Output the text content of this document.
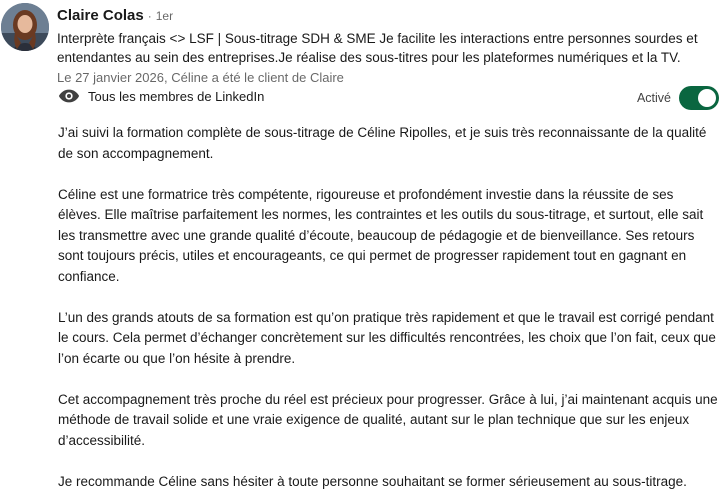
Claire Colas · 1er
Interprète français <> LSF | Sous-titrage SDH & SME Je facilite les interactions entre personnes sourdes et entendantes au sein des entreprises.Je réalise des sous-titres pour les plateformes numériques et la TV.
Le 27 janvier 2026, Céline a été le client de Claire
Tous les membres de LinkedIn	Activé

J’ai suivi la formation complète de sous-titrage de Céline Ripolles, et je suis très reconnaissante de la qualité de son accompagnement.

Céline est une formatrice très compétente, rigoureuse et profondément investie dans la réussite de ses élèves. Elle maîtrise parfaitement les normes, les contraintes et les outils du sous-titrage, et surtout, elle sait les transmettre avec une grande qualité d’écoute, beaucoup de pédagogie et de bienveillance. Ses retours sont toujours précis, utiles et encourageants, ce qui permet de progresser rapidement tout en gagnant en confiance.

L’un des grands atouts de sa formation est qu’on pratique très rapidement et que le travail est corrigé pendant le cours. Cela permet d’échanger concrètement sur les difficultés rencontrées, les choix que l’on fait, ceux que l’on écarte ou que l’on hésite à prendre.

Cet accompagnement très proche du réel est précieux pour progresser. Grâce à lui, j’ai maintenant acquis une méthode de travail solide et une vraie exigence de qualité, autant sur le plan technique que sur les enjeux d’accessibilité.

Je recommande Céline sans hésiter à toute personne souhaitant se former sérieusement au sous-titrage.
